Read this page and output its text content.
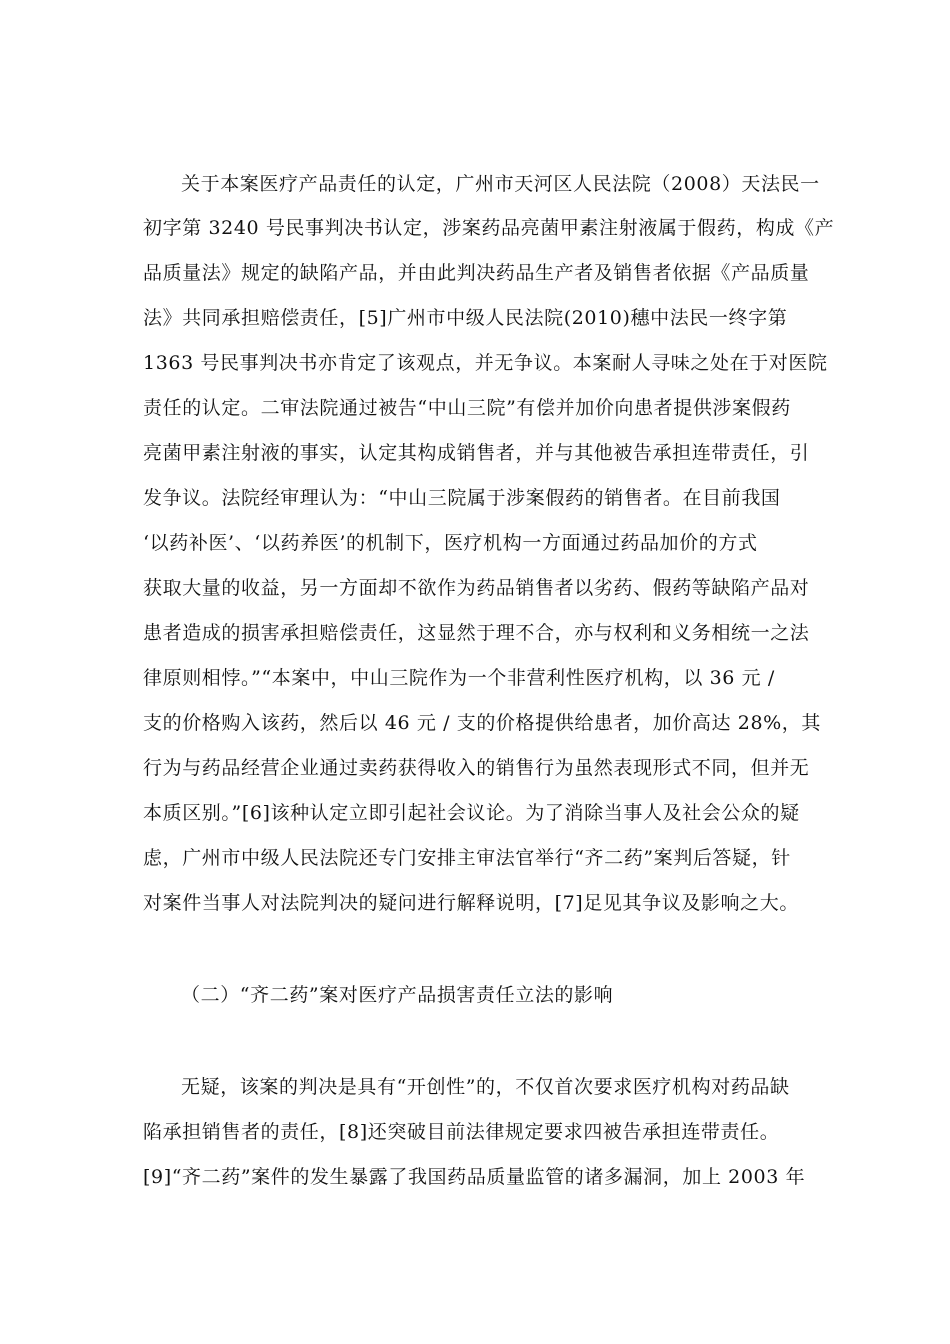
关于本案医疗产品责任的认定，广州市天河区人民法院（2008）天法民一
初字第 3240 号民事判决书认定，涉案药品亮菌甲素注射液属于假药，构成《产
品质量法》规定的缺陷产品，并由此判决药品生产者及销售者依据《产品质量
法》共同承担赔偿责任，[5]广州市中级人民法院(2010)穗中法民一终字第
1363 号民事判决书亦肯定了该观点，并无争议。本案耐人寻味之处在于对医院
责任的认定。二审法院通过被告“中山三院”有偿并加价向患者提供涉案假药
亮菌甲素注射液的事实，认定其构成销售者，并与其他被告承担连带责任，引
发争议。法院经审理认为：“中山三院属于涉案假药的销售者。在目前我国
‘以药补医’、‘以药养医’的机制下，医疗机构一方面通过药品加价的方式
获取大量的收益，另一方面却不欲作为药品销售者以劣药、假药等缺陷产品对
患者造成的损害承担赔偿责任，这显然于理不合，亦与权利和义务相统一之法
律原则相悖。”“本案中，中山三院作为一个非营利性医疗机构，以 36 元 /
支的价格购入该药，然后以 46 元 / 支的价格提供给患者，加价高达 28%，其
行为与药品经营企业通过卖药获得收入的销售行为虽然表现形式不同，但并无
本质区别。”[6]该种认定立即引起社会议论。为了消除当事人及社会公众的疑
虑，广州市中级人民法院还专门安排主审法官举行“齐二药”案判后答疑，针
对案件当事人对法院判决的疑问进行解释说明，[7]足见其争议及影响之大。
（二）“齐二药”案对医疗产品损害责任立法的影响
无疑，该案的判决是具有“开创性”的，不仅首次要求医疗机构对药品缺
陷承担销售者的责任，[8]还突破目前法律规定要求四被告承担连带责任。
[9]“齐二药”案件的发生暴露了我国药品质量监管的诸多漏洞，加上 2003 年
